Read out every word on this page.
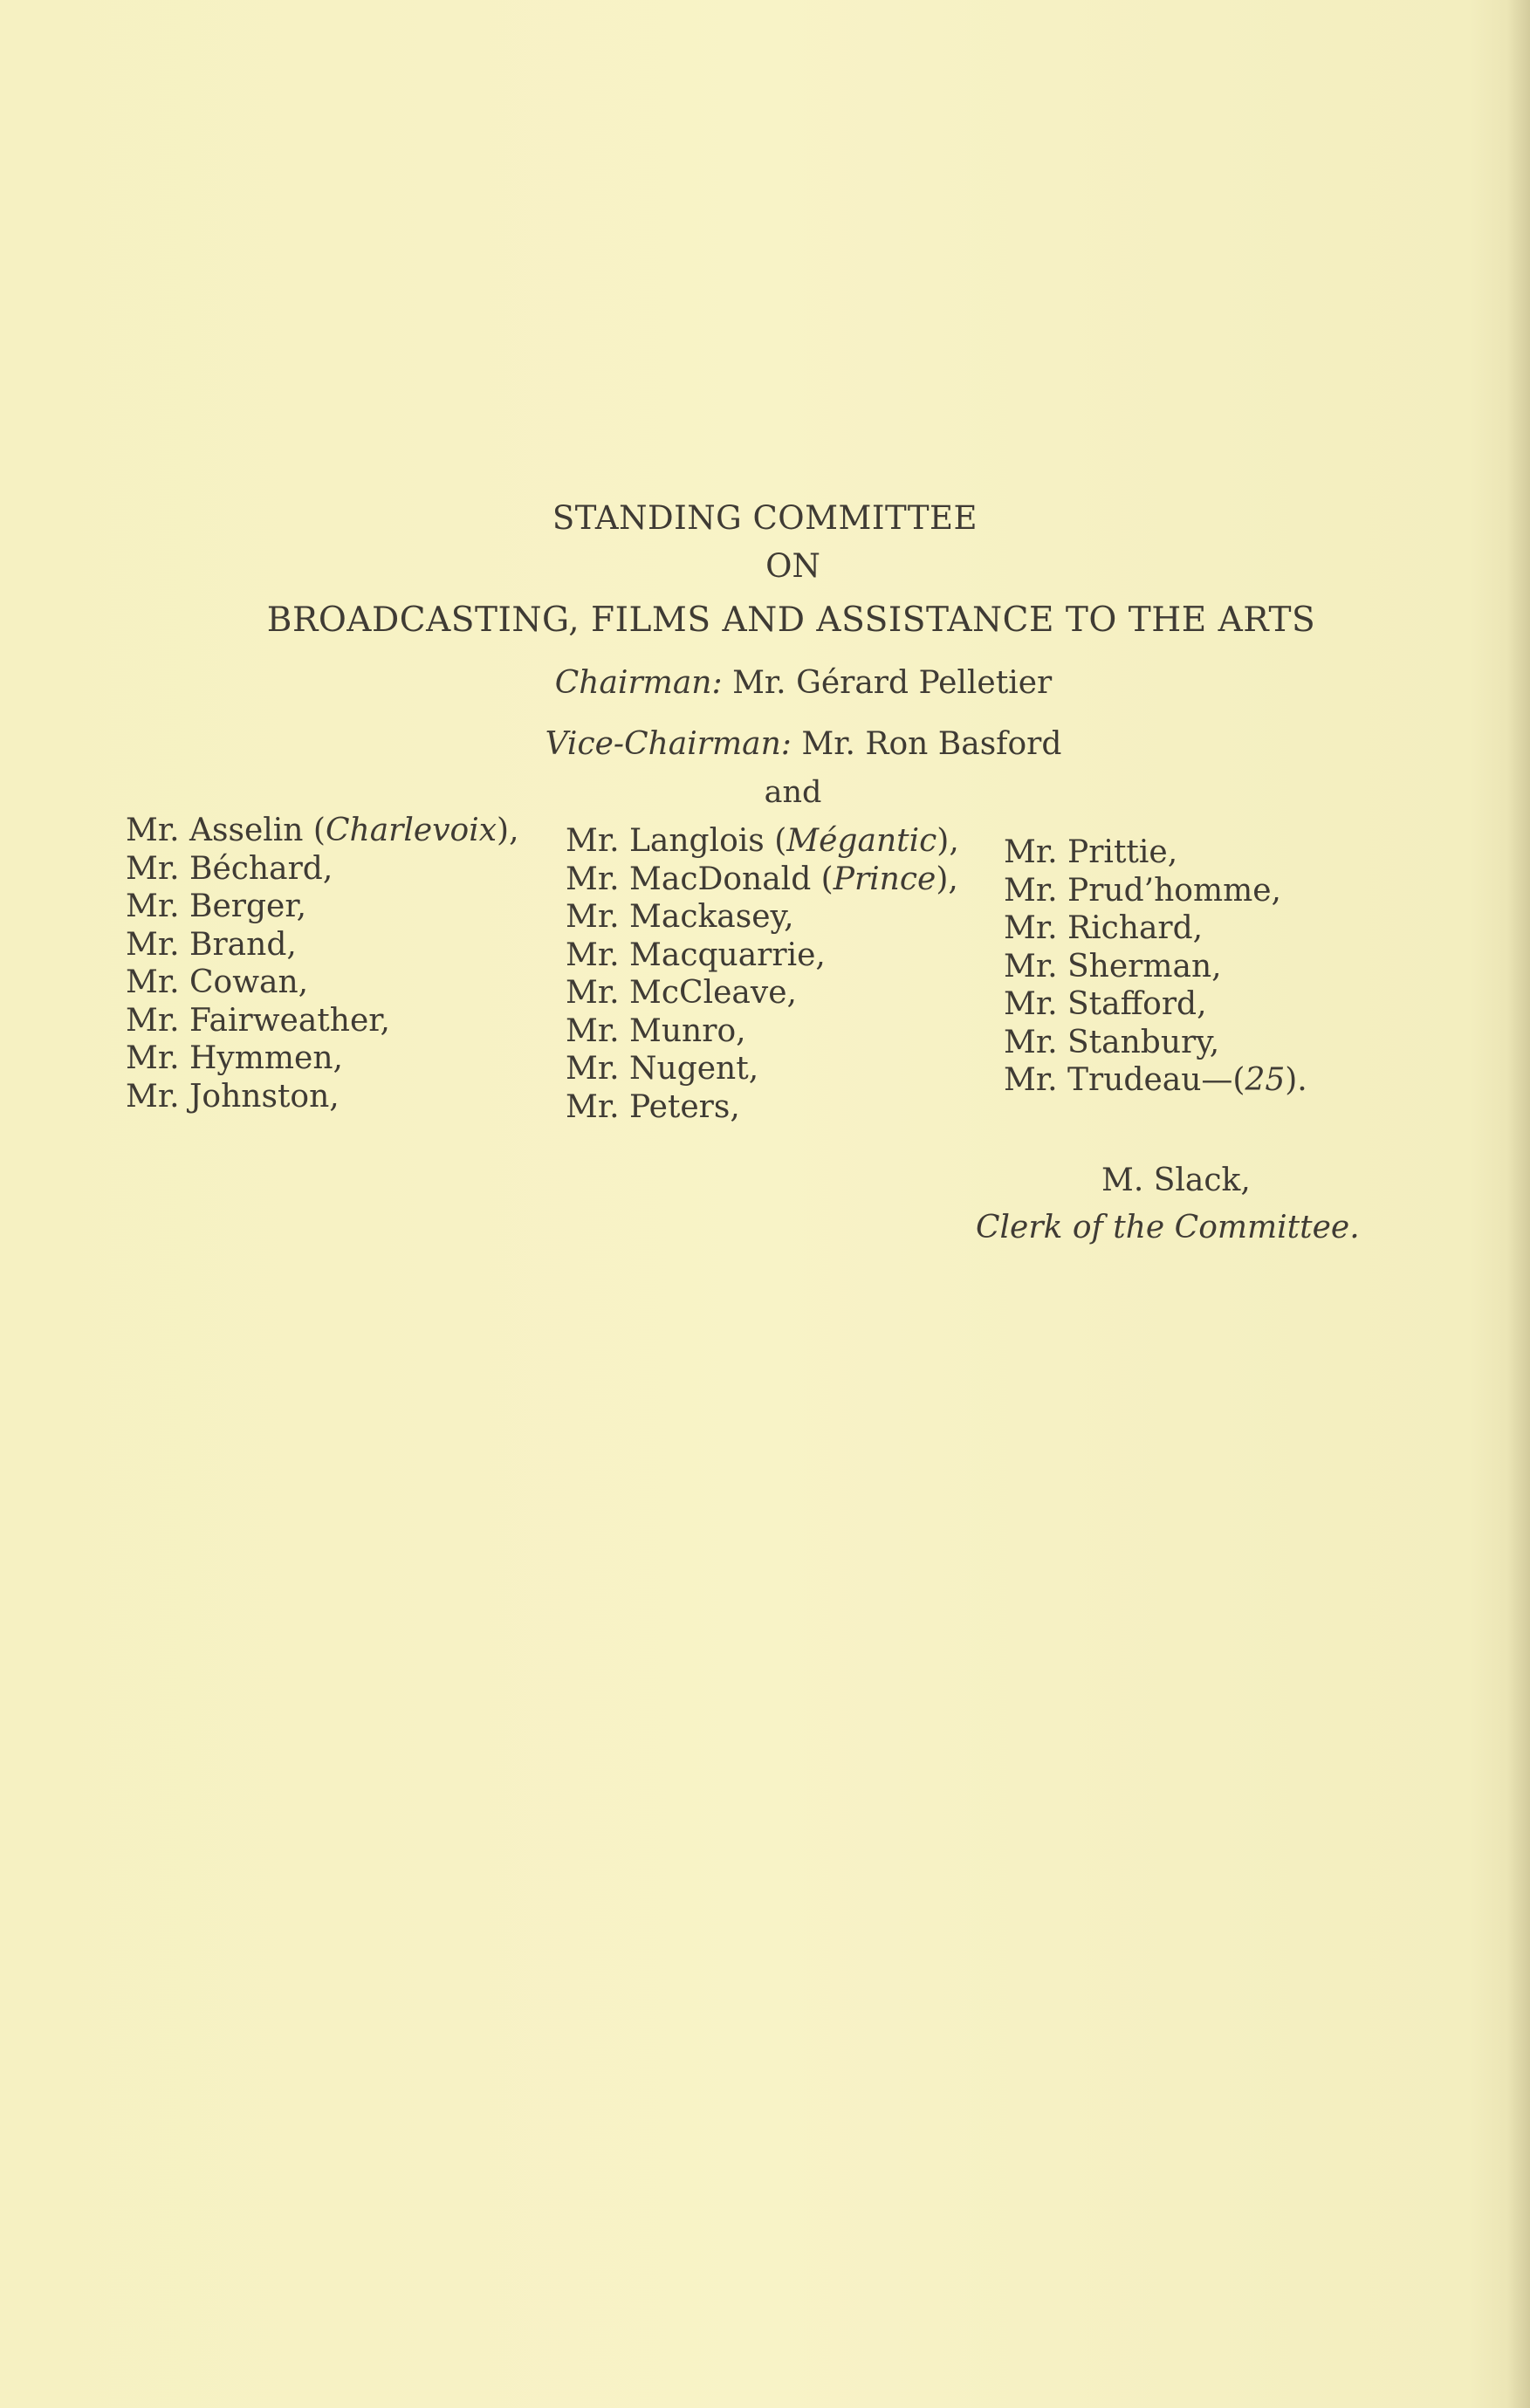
STANDING COMMITTEE
ON
BROADCASTING, FILMS AND ASSISTANCE TO THE ARTS
Chairman: Mr. Gérard Pelletier
Vice-Chairman: Mr. Ron Basford
and
Mr. Asselin (Charlevoix),
Mr. Béchard,
Mr. Berger,
Mr. Brand,
Mr. Cowan,
Mr. Fairweather,
Mr. Hymmen,
Mr. Johnston,
Mr. Langlois (Mégantic),
Mr. MacDonald (Prince),
Mr. Mackasey,
Mr. Macquarrie,
Mr. McCleave,
Mr. Munro,
Mr. Nugent,
Mr. Peters,
Mr. Prittie,
Mr. Prud’homme,
Mr. Richard,
Mr. Sherman,
Mr. Stafford,
Mr. Stanbury,
Mr. Trudeau—(25).
M. Slack,
Clerk of the Committee.
